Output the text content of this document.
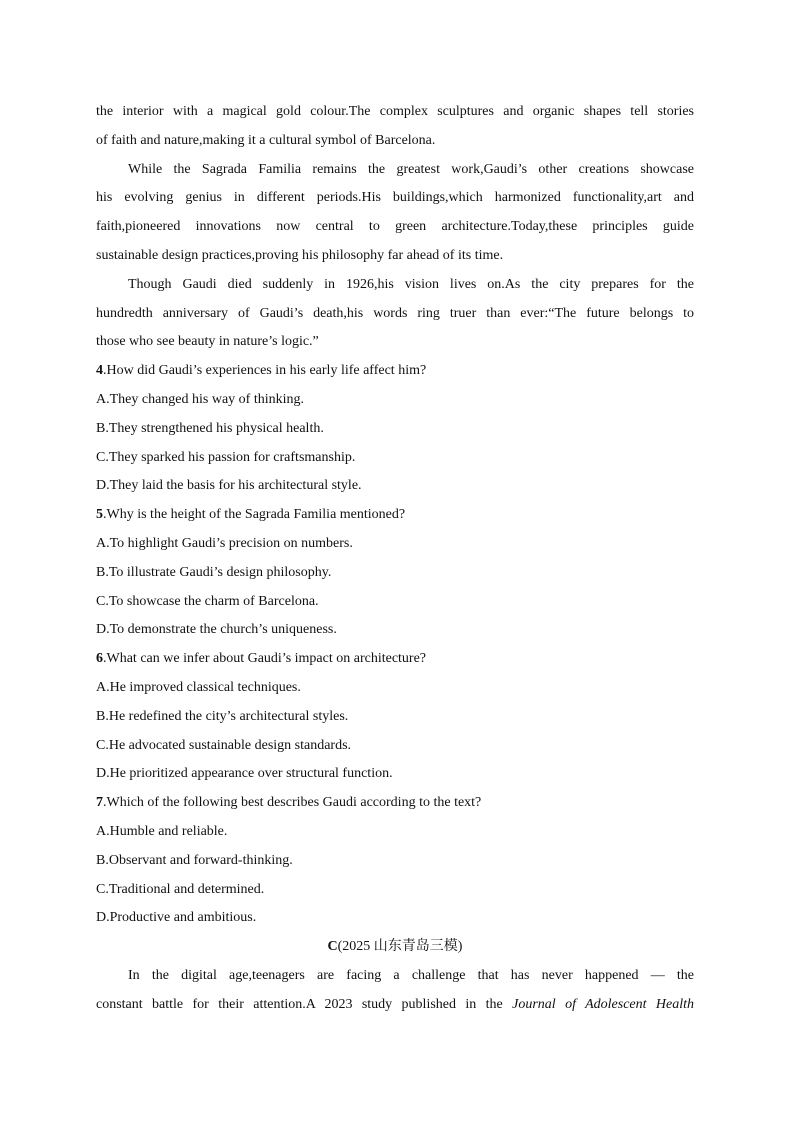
the interior with a magical gold colour.The complex sculptures and organic shapes tell stories
of faith and nature,making it a cultural symbol of Barcelona.
While the Sagrada Familia remains the greatest work,Gaudi’s other creations showcase
his evolving genius in different periods.His buildings,which harmonized functionality,art and
faith,pioneered innovations now central to green architecture.Today,these principles guide
sustainable design practices,proving his philosophy far ahead of its time.
Though Gaudi died suddenly in 1926,his vision lives on.As the city prepares for the
hundredth anniversary of Gaudi’s death,his words ring truer than ever:“The future belongs to
those who see beauty in nature’s logic.”
4.How did Gaudi’s experiences in his early life affect him?
A.They changed his way of thinking.
B.They strengthened his physical health.
C.They sparked his passion for craftsmanship.
D.They laid the basis for his architectural style.
5.Why is the height of the Sagrada Familia mentioned?
A.To highlight Gaudi’s precision on numbers.
B.To illustrate Gaudi’s design philosophy.
C.To showcase the charm of Barcelona.
D.To demonstrate the church’s uniqueness.
6.What can we infer about Gaudi’s impact on architecture?
A.He improved classical techniques.
B.He redefined the city’s architectural styles.
C.He advocated sustainable design standards.
D.He prioritized appearance over structural function.
7.Which of the following best describes Gaudi according to the text?
A.Humble and reliable.
B.Observant and forward-thinking.
C.Traditional and determined.
D.Productive and ambitious.
C(2025 山东青岛三模)
In the digital age,teenagers are facing a challenge that has never happened — the
constant battle for their attention.A 2023 study published in the Journal of Adolescent Health
